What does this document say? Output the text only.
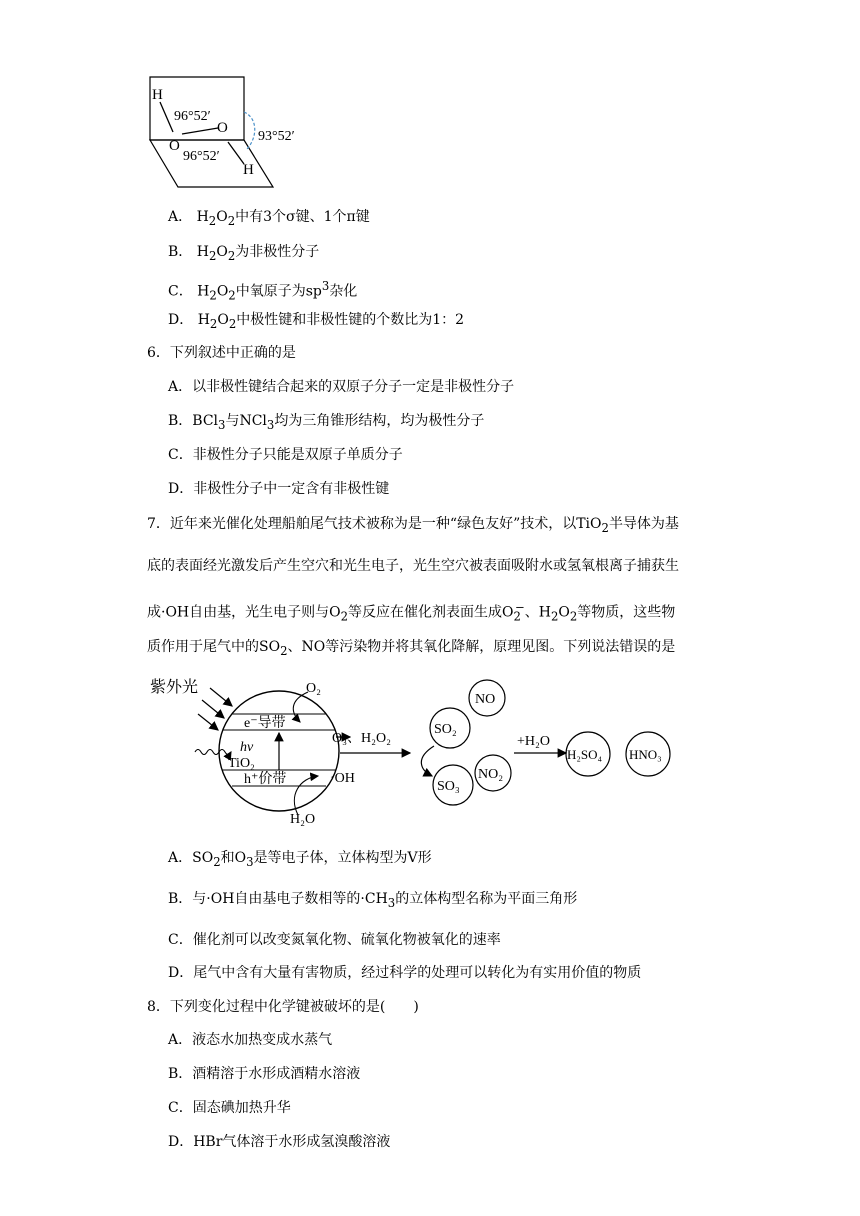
H
96°52′
O
O
96°52′
H
93°52′
A． $H_2O_2$中有3个σ键、1个π键
B． $H_2O_2$为非极性分子
C． $H_2O_2$中氧原子为$sp^3$杂化
D． $H_2O_2$中极性键和非极性键的个数比为1：2
6．下列叙述中正确的是
A．以非极性键结合起来的双原子分子一定是非极性分子
B．BCl$_3$与NCl$_3$均为三角锥形结构，均为极性分子
C．非极性分子只能是双原子单质分子
D．非极性分子中一定含有非极性键
7．近年来光催化处理船舶尾气技术被称为是一种“绿色友好”技术，以TiO$_2$半导体为基
底的表面经光激发后产生空穴和光生电子，光生空穴被表面吸附水或氢氧根离子捕获生
成·OH自由基，光生电子则与$O_2$等反应在催化剂表面生成$O_2^-$、$H_2O_2$等物质，这些物
质作用于尾气中的$SO_2$、NO等污染物并将其氧化降解，原理见图。下列说法错误的是
紫外光
e⁻导带
hν
TiO₂
h⁺价带
O₂
O₃、H₂O₂
·OH
H₂O
NO
SO₂
SO₃
NO₂
+H₂O
H₂SO₄ HNO₃
A．$SO_2$和$O_3$是等电子体，立体构型为V形
B．与·OH自由基电子数相等的$\cdot CH_3$的立体构型名称为平面三角形
C．催化剂可以改变氮氧化物、硫氧化物被氧化的速率
D．尾气中含有大量有害物质，经过科学的处理可以转化为有实用价值的物质
8．下列变化过程中化学键被破坏的是(　　)
A．液态水加热变成水蒸气
B．酒精溶于水形成酒精水溶液
C．固态碘加热升华
D．HBr气体溶于水形成氢溴酸溶液
